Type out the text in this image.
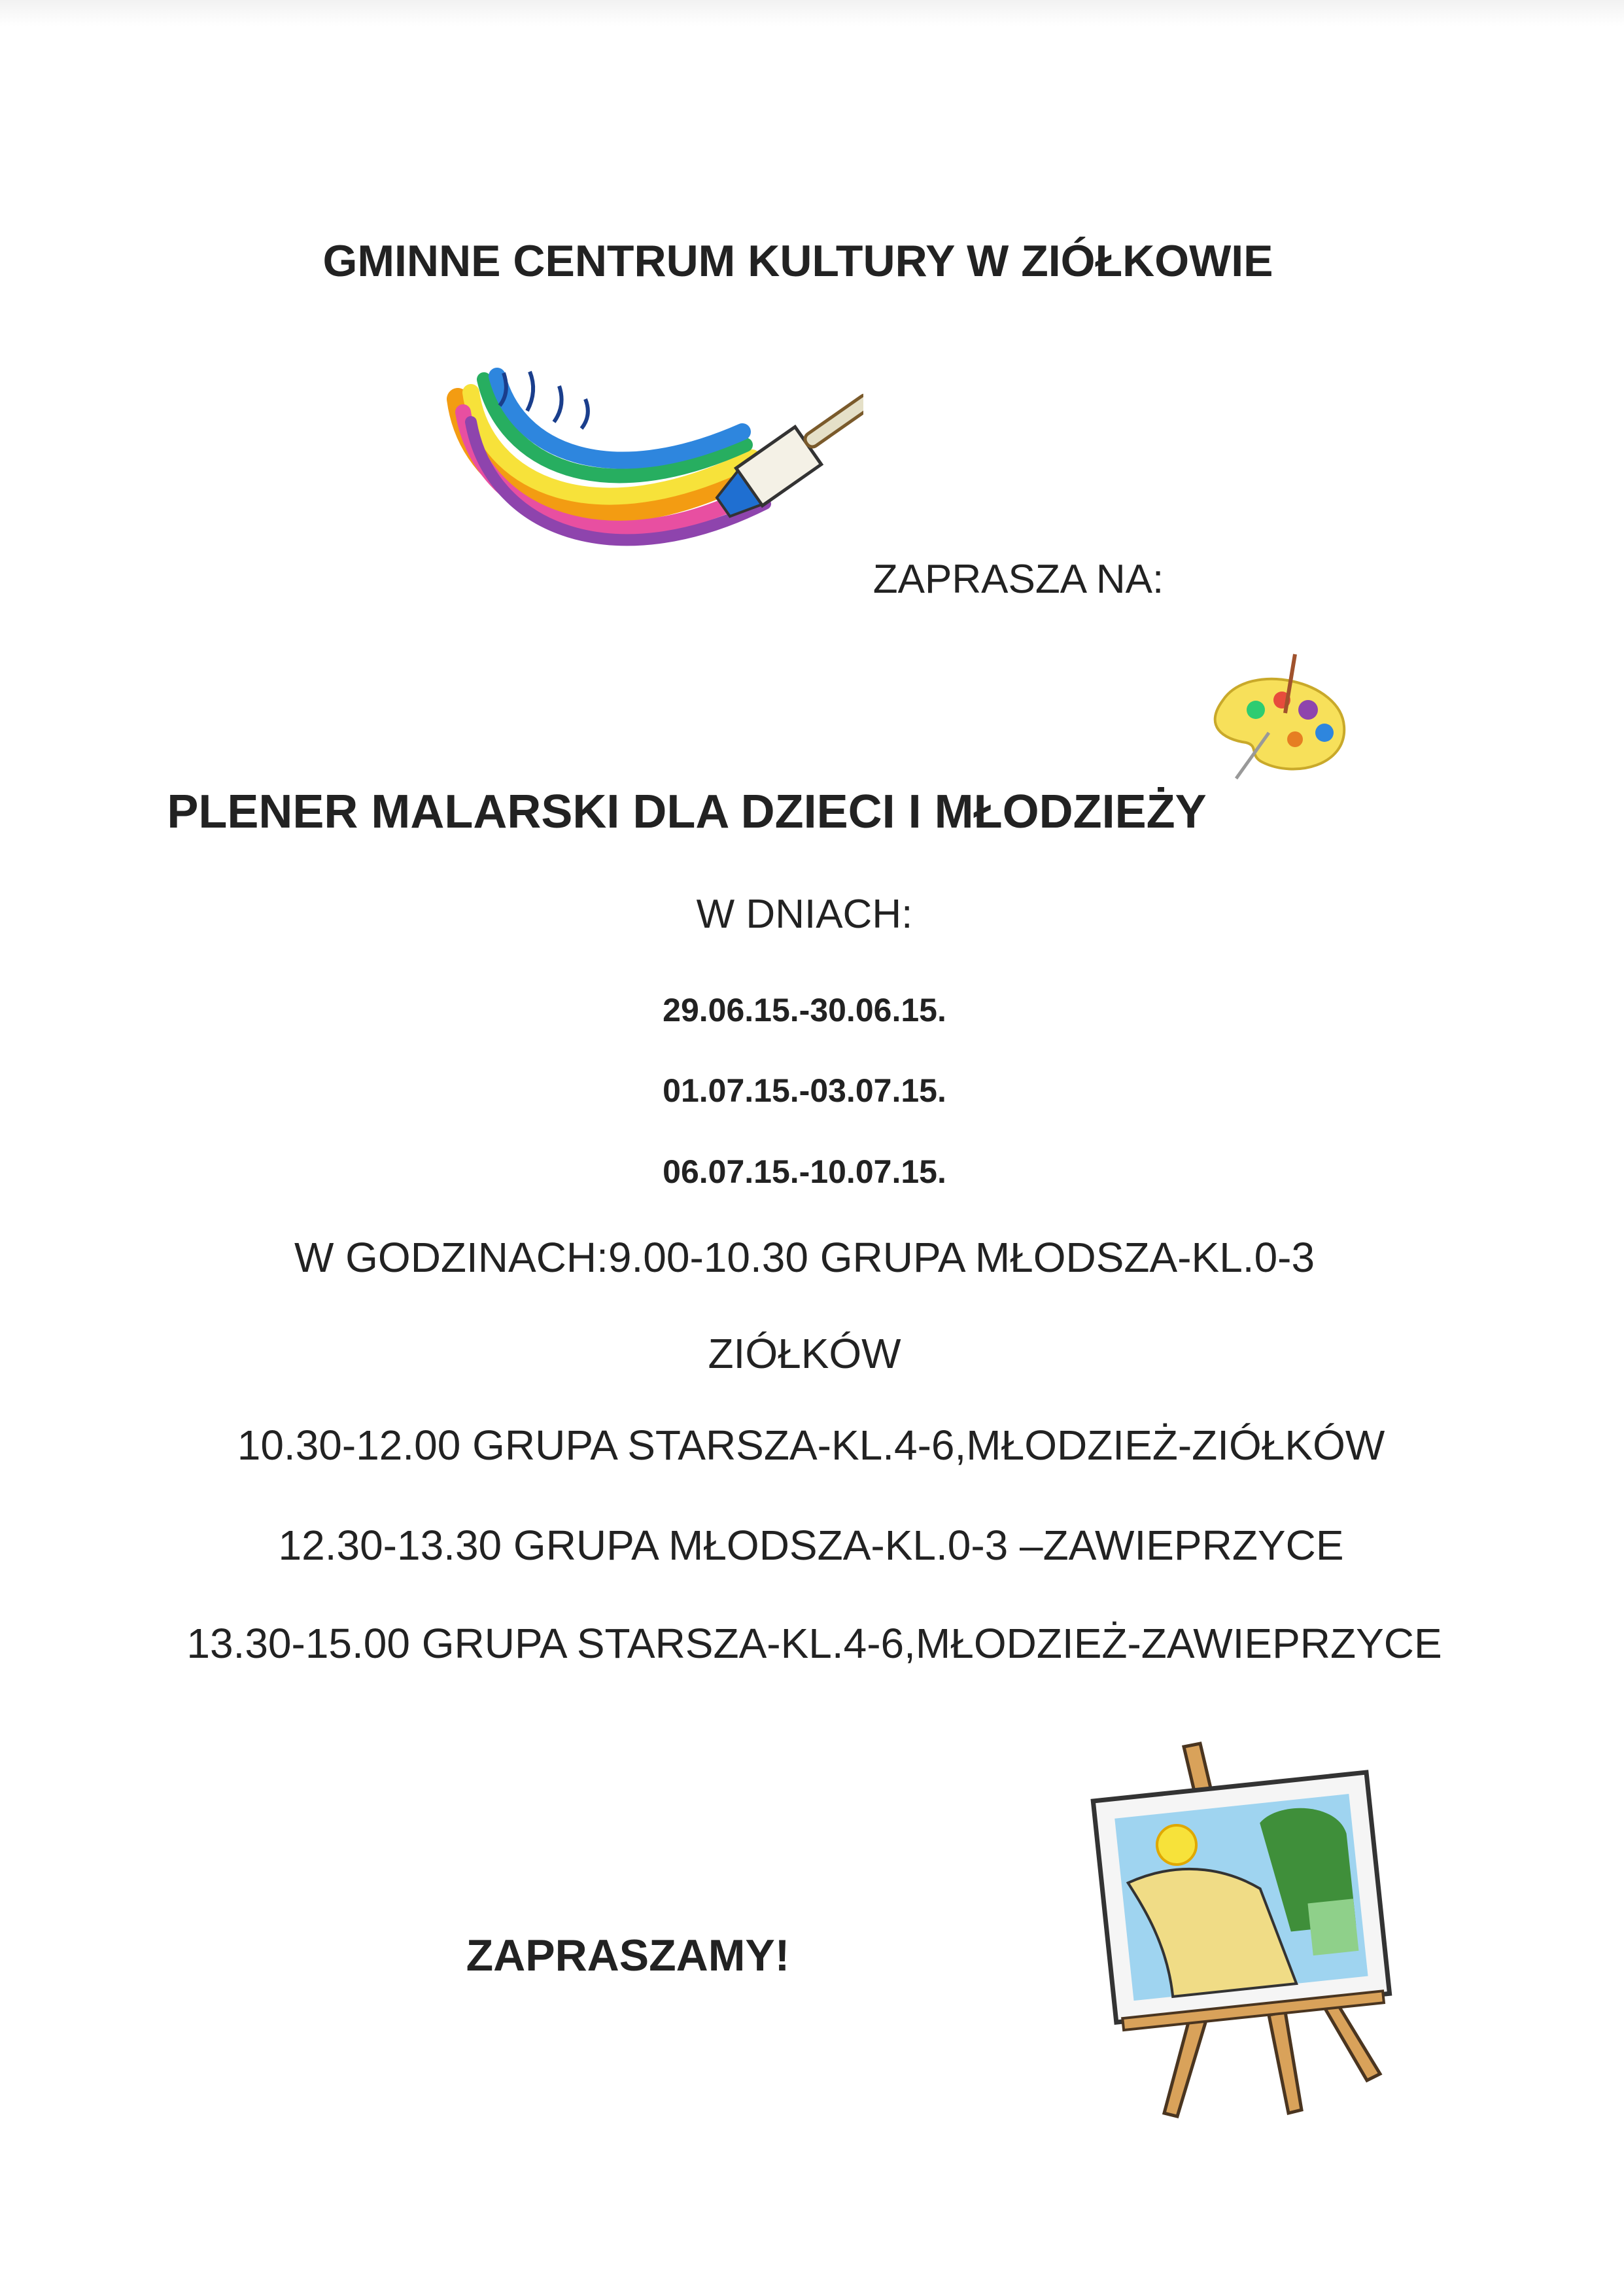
GMINNE CENTRUM KULTURY W ZIÓŁKOWIE
ZAPRASZA NA:
PLENER MALARSKI DLA DZIECI I MŁODZIEŻY
W DNIACH:
29.06.15.-30.06.15.
01.07.15.-03.07.15.
06.07.15.-10.07.15.
W GODZINACH:9.00-10.30 GRUPA MŁODSZA-KL.0-3
ZIÓŁKÓW
10.30-12.00 GRUPA STARSZA-KL.4-6,MŁODZIEŻ-ZIÓŁKÓW
12.30-13.30 GRUPA MŁODSZA-KL.0-3 –ZAWIEPRZYCE
13.30-15.00 GRUPA STARSZA-KL.4-6,MŁODZIEŻ-ZAWIEPRZYCE
ZAPRASZAMY!
